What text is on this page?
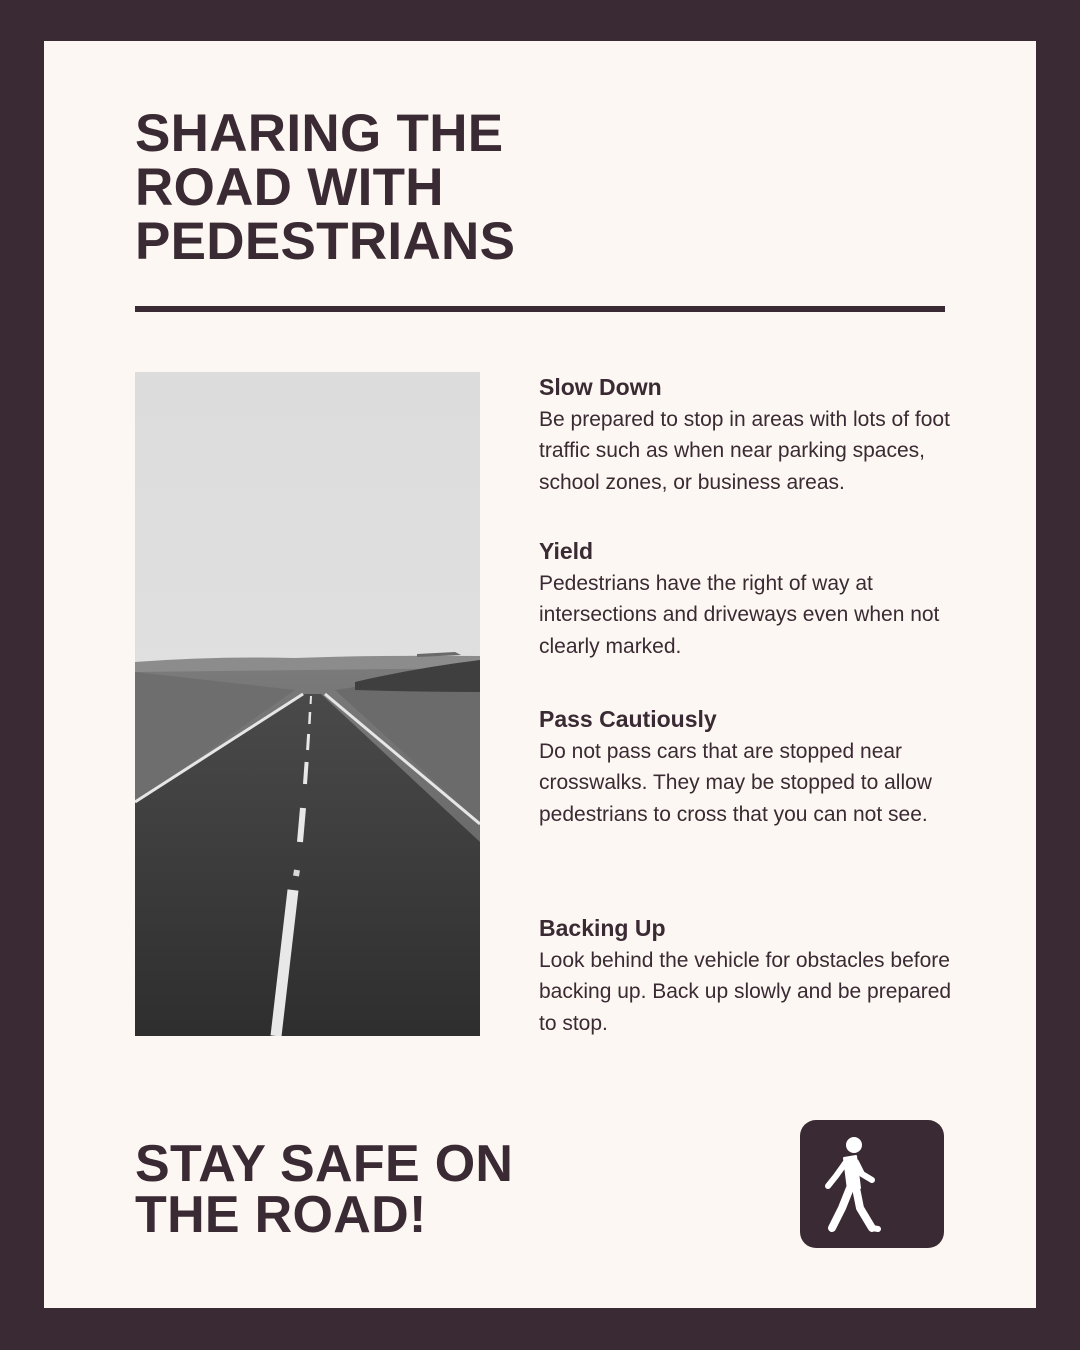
SHARING THE
ROAD WITH
PEDESTRIANS

Slow Down

Be prepared to stop in areas with lots of foot traffic such as when near parking spaces, school zones, or business areas.

Yield

Pedestrians have the right of way at intersections and driveways even when not clearly marked.

Pass Cautiously

Do not pass cars that are stopped near crosswalks. They may be stopped to allow pedestrians to cross that you can not see.

Backing Up

Look behind the vehicle for obstacles before backing up. Back up slowly and be prepared to stop.

STAY SAFE ON
THE ROAD!
